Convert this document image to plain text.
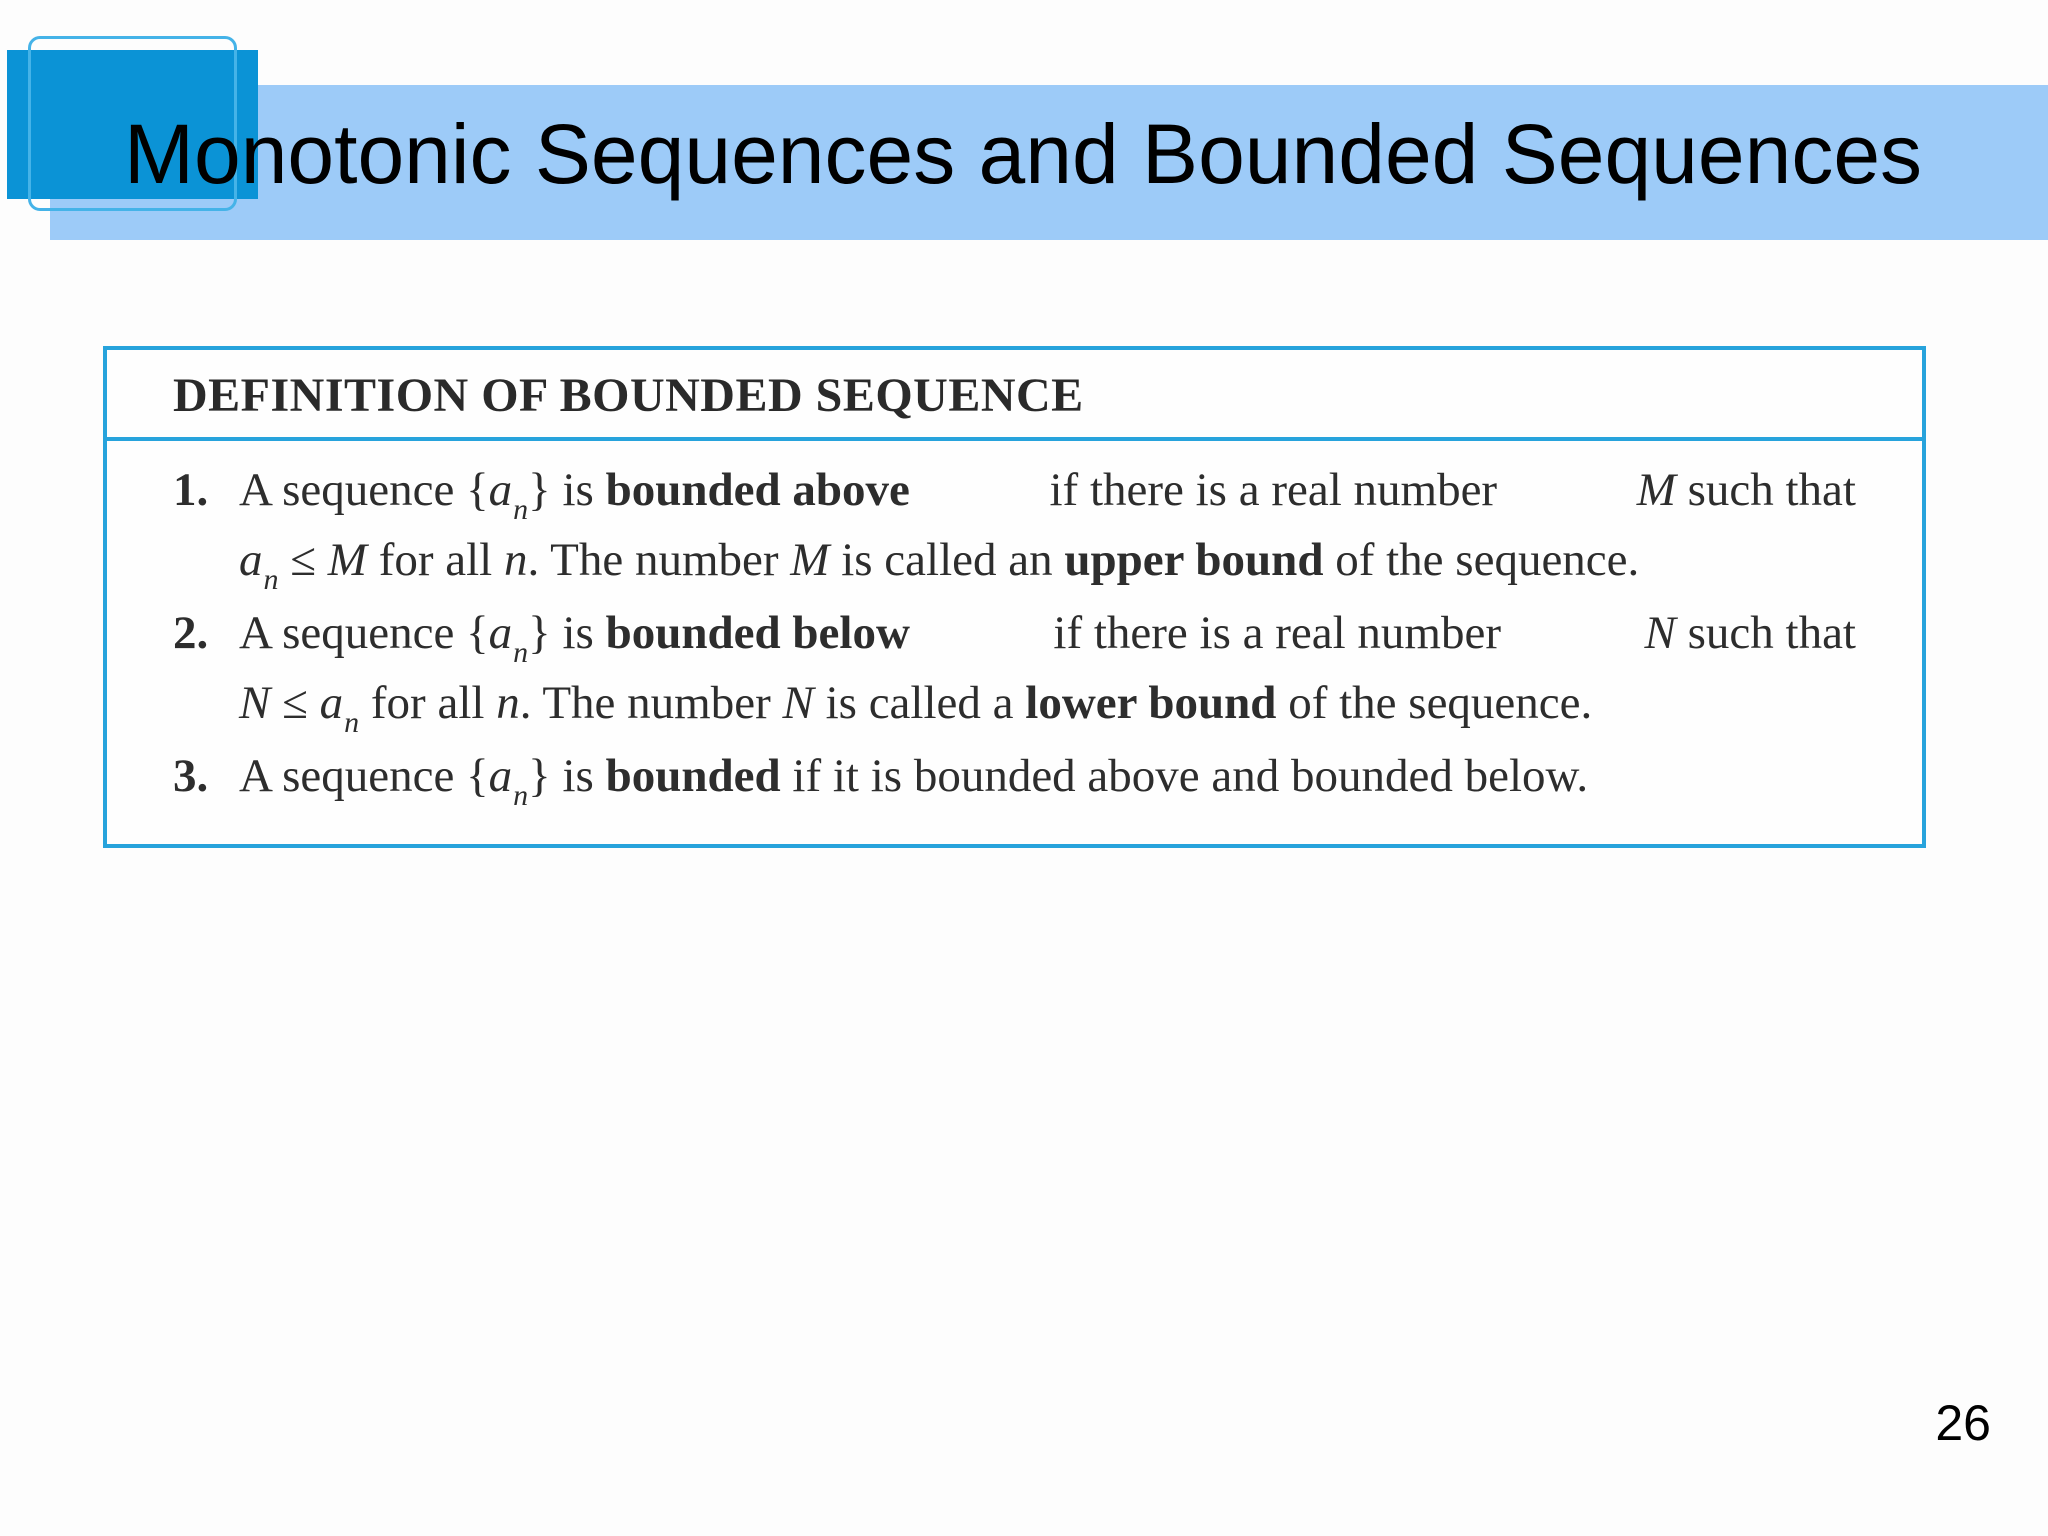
Monotonic Sequences and Bounded Sequences
DEFINITION OF BOUNDED SEQUENCE
1. A sequence $\{a_n\}$ is bounded above	if there is a real number	M such that
$a_n \le M$ for all n. The number M is called an upper bound of the sequence.
2. A sequence $\{a_n\}$ is bounded below	if there is a real number	N such that
$N \le a_n$ for all n. The number N is called a lower bound of the sequence.
3. A sequence $\{a_n\}$ is bounded if it is bounded above and bounded below.
26
